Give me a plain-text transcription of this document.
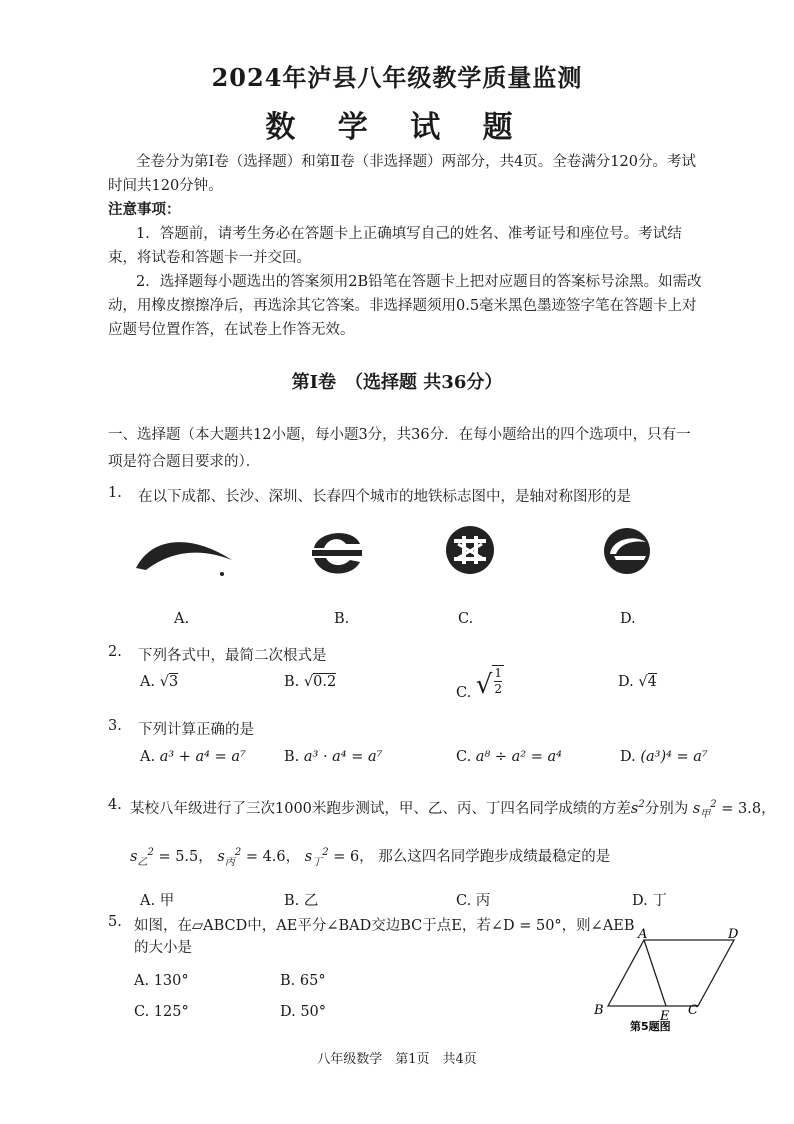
2024年泸县八年级教学质量监测
数 学 试 题
全卷分为第Ⅰ卷（选择题）和第Ⅱ卷（非选择题）两部分，共4页。全卷满分120分。考试时间共120分钟。
注意事项：
1．答题前，请考生务必在答题卡上正确填写自己的姓名、准考证号和座位号。考试结束，将试卷和答题卡一并交回。
2．选择题每小题选出的答案须用2B铅笔在答题卡上把对应题目的答案标号涂黑。如需改动，用橡皮擦擦净后，再选涂其它答案。非选择题须用0.5毫米黑色墨迹签字笔在答题卡上对应题号位置作答，在试卷上作答无效。
第Ⅰ卷　（选择题 共36分）
一、选择题（本大题共12小题，每小题3分，共36分．在每小题给出的四个选项中，只有一项是符合题目要求的）．
1. 在以下成都、长沙、深圳、长春四个城市的地铁标志图中，是轴对称图形的是
A.	B.	C.	D.
2. 下列各式中，最简二次根式是
A. √3	B. √0.2
C. √ $\frac{1}{2}$	D. √4
3. 下列计算正确的是
A. a³ + a⁴ = a⁷	B. a³ · a⁴ = a⁷	C. a⁸ ÷ a² = a⁴	D. (a³)⁴ = a⁷
4. 某校八年级进行了三次1000米跑步测试，甲、乙、丙、丁四名同学成绩的方差$s^2$分别为 $s_甲^2 = 3.8$，
$s_乙^2 = 5.5$， $s_丙^2 = 4.6$， $s_丁^2 = 6$， 那么这四名同学跑步成绩最稳定的是
A. 甲	B. 乙	C. 丙	D. 丁
5. 如图，在▱ABCD中，AE平分∠BAD交边BC于点E，若∠D = 50°，则∠AEB
的大小是
A. 130°	B. 65°
C. 125°	D. 50°
A	D
B	E C
第5题图
八年级数学　第1页　共4页
